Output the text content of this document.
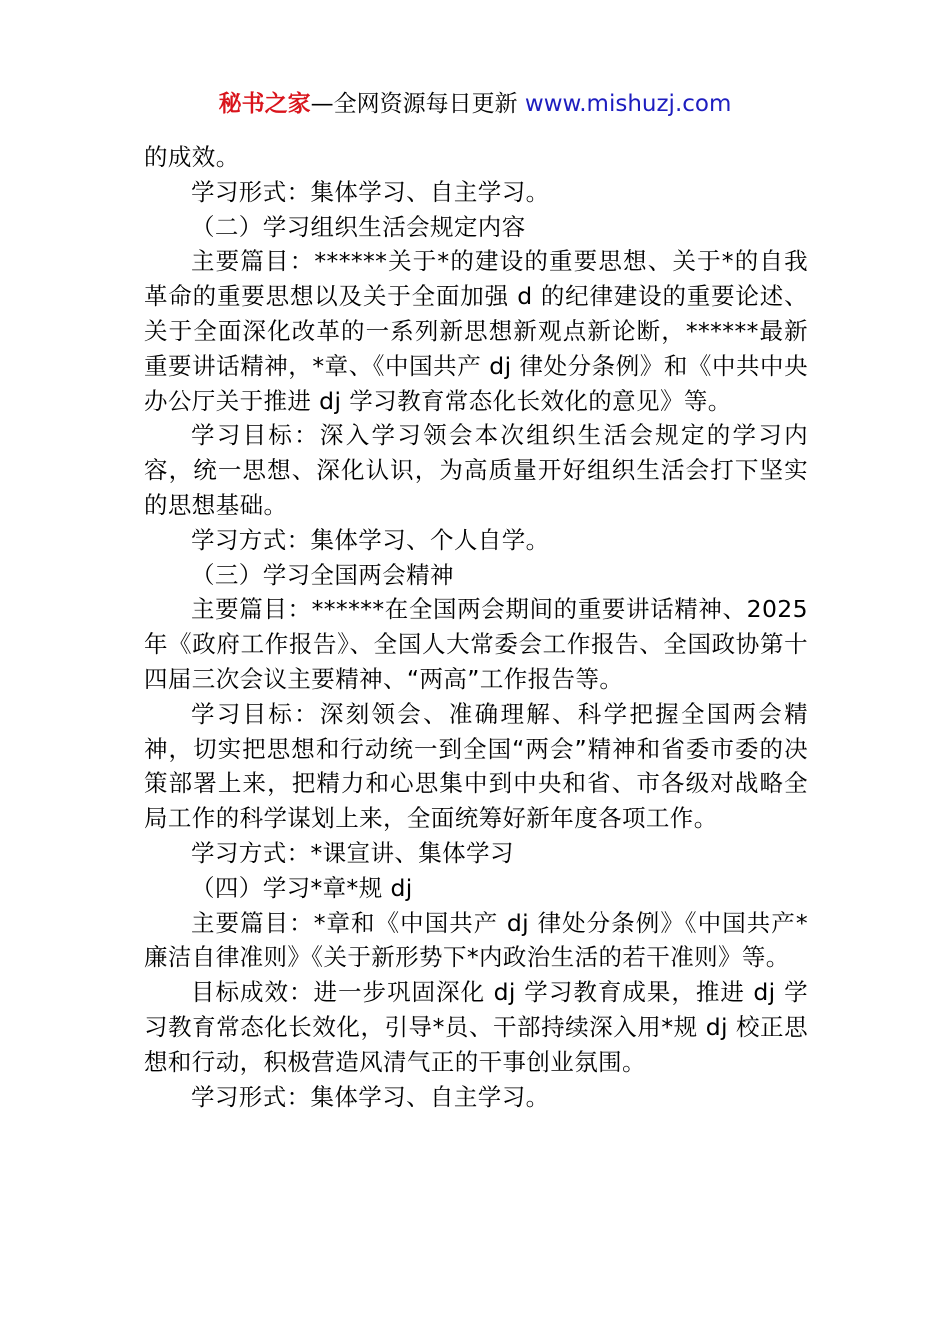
秘书之家—全网资源每日更新 www.mishuzj.com

的成效。

学习形式：集体学习、自主学习。

（二）学习组织生活会规定内容

主要篇目：******关于*的建设的重要思想、关于*的自我革命的重要思想以及关于全面加强 d 的纪律建设的重要论述、关于全面深化改革的一系列新思想新观点新论断，******最新重要讲话精神，*章、《中国共产 dj 律处分条例》和《中共中央办公厅关于推进 dj 学习教育常态化长效化的意见》等。

学习目标：深入学习领会本次组织生活会规定的学习内容，统一思想、深化认识，为高质量开好组织生活会打下坚实的思想基础。

学习方式：集体学习、个人自学。

（三）学习全国两会精神

主要篇目：******在全国两会期间的重要讲话精神、2025 年《政府工作报告》、全国人大常委会工作报告、全国政协第十四届三次会议主要精神、“两高”工作报告等。

学习目标：深刻领会、准确理解、科学把握全国两会精神，切实把思想和行动统一到全国“两会”精神和省委市委的决策部署上来，把精力和心思集中到中央和省、市各级对战略全局工作的科学谋划上来，全面统筹好新年度各项工作。

学习方式：*课宣讲、集体学习

（四）学习*章*规 dj

主要篇目：*章和《中国共产 dj 律处分条例》《中国共产*廉洁自律准则》《关于新形势下*内政治生活的若干准则》等。

目标成效：进一步巩固深化 dj 学习教育成果，推进 dj 学习教育常态化长效化，引导*员、干部持续深入用*规 dj 校正思想和行动，积极营造风清气正的干事创业氛围。

学习形式：集体学习、自主学习。
